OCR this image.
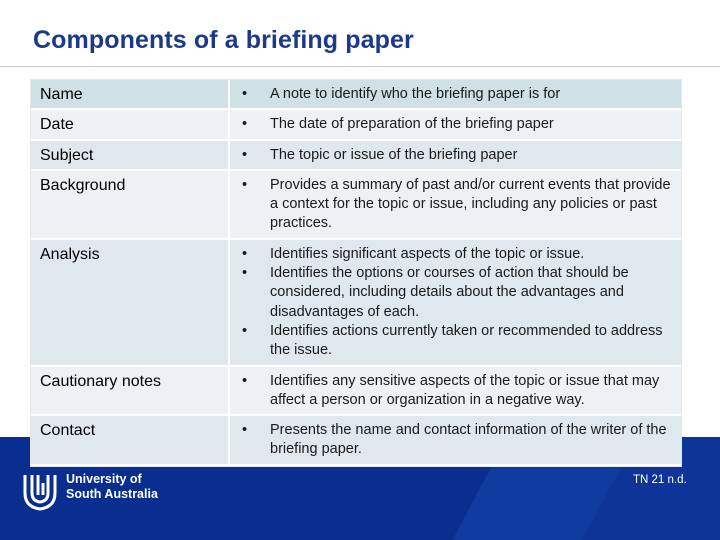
Components of a briefing paper
Name	•	A note to identify who the briefing paper is for
Date	•	The date of preparation of the briefing paper
Subject	•	The topic or issue of the briefing paper
Background	•	Provides a summary of past and/or current events that provide a context for the topic or issue, including any policies or past practices.
Analysis	•	Identifies significant aspects of the topic or issue.
•	Identifies the options or courses of action that should be considered, including details about the advantages and disadvantages of each.
•	Identifies actions currently taken or recommended to address the issue.
Cautionary notes	•	Identifies any sensitive aspects of the topic or issue that may affect a person or organization in a negative way.
Contact	•	Presents the name and contact information of the writer of the briefing paper.
University of
South Australia
TN 21 n.d.
